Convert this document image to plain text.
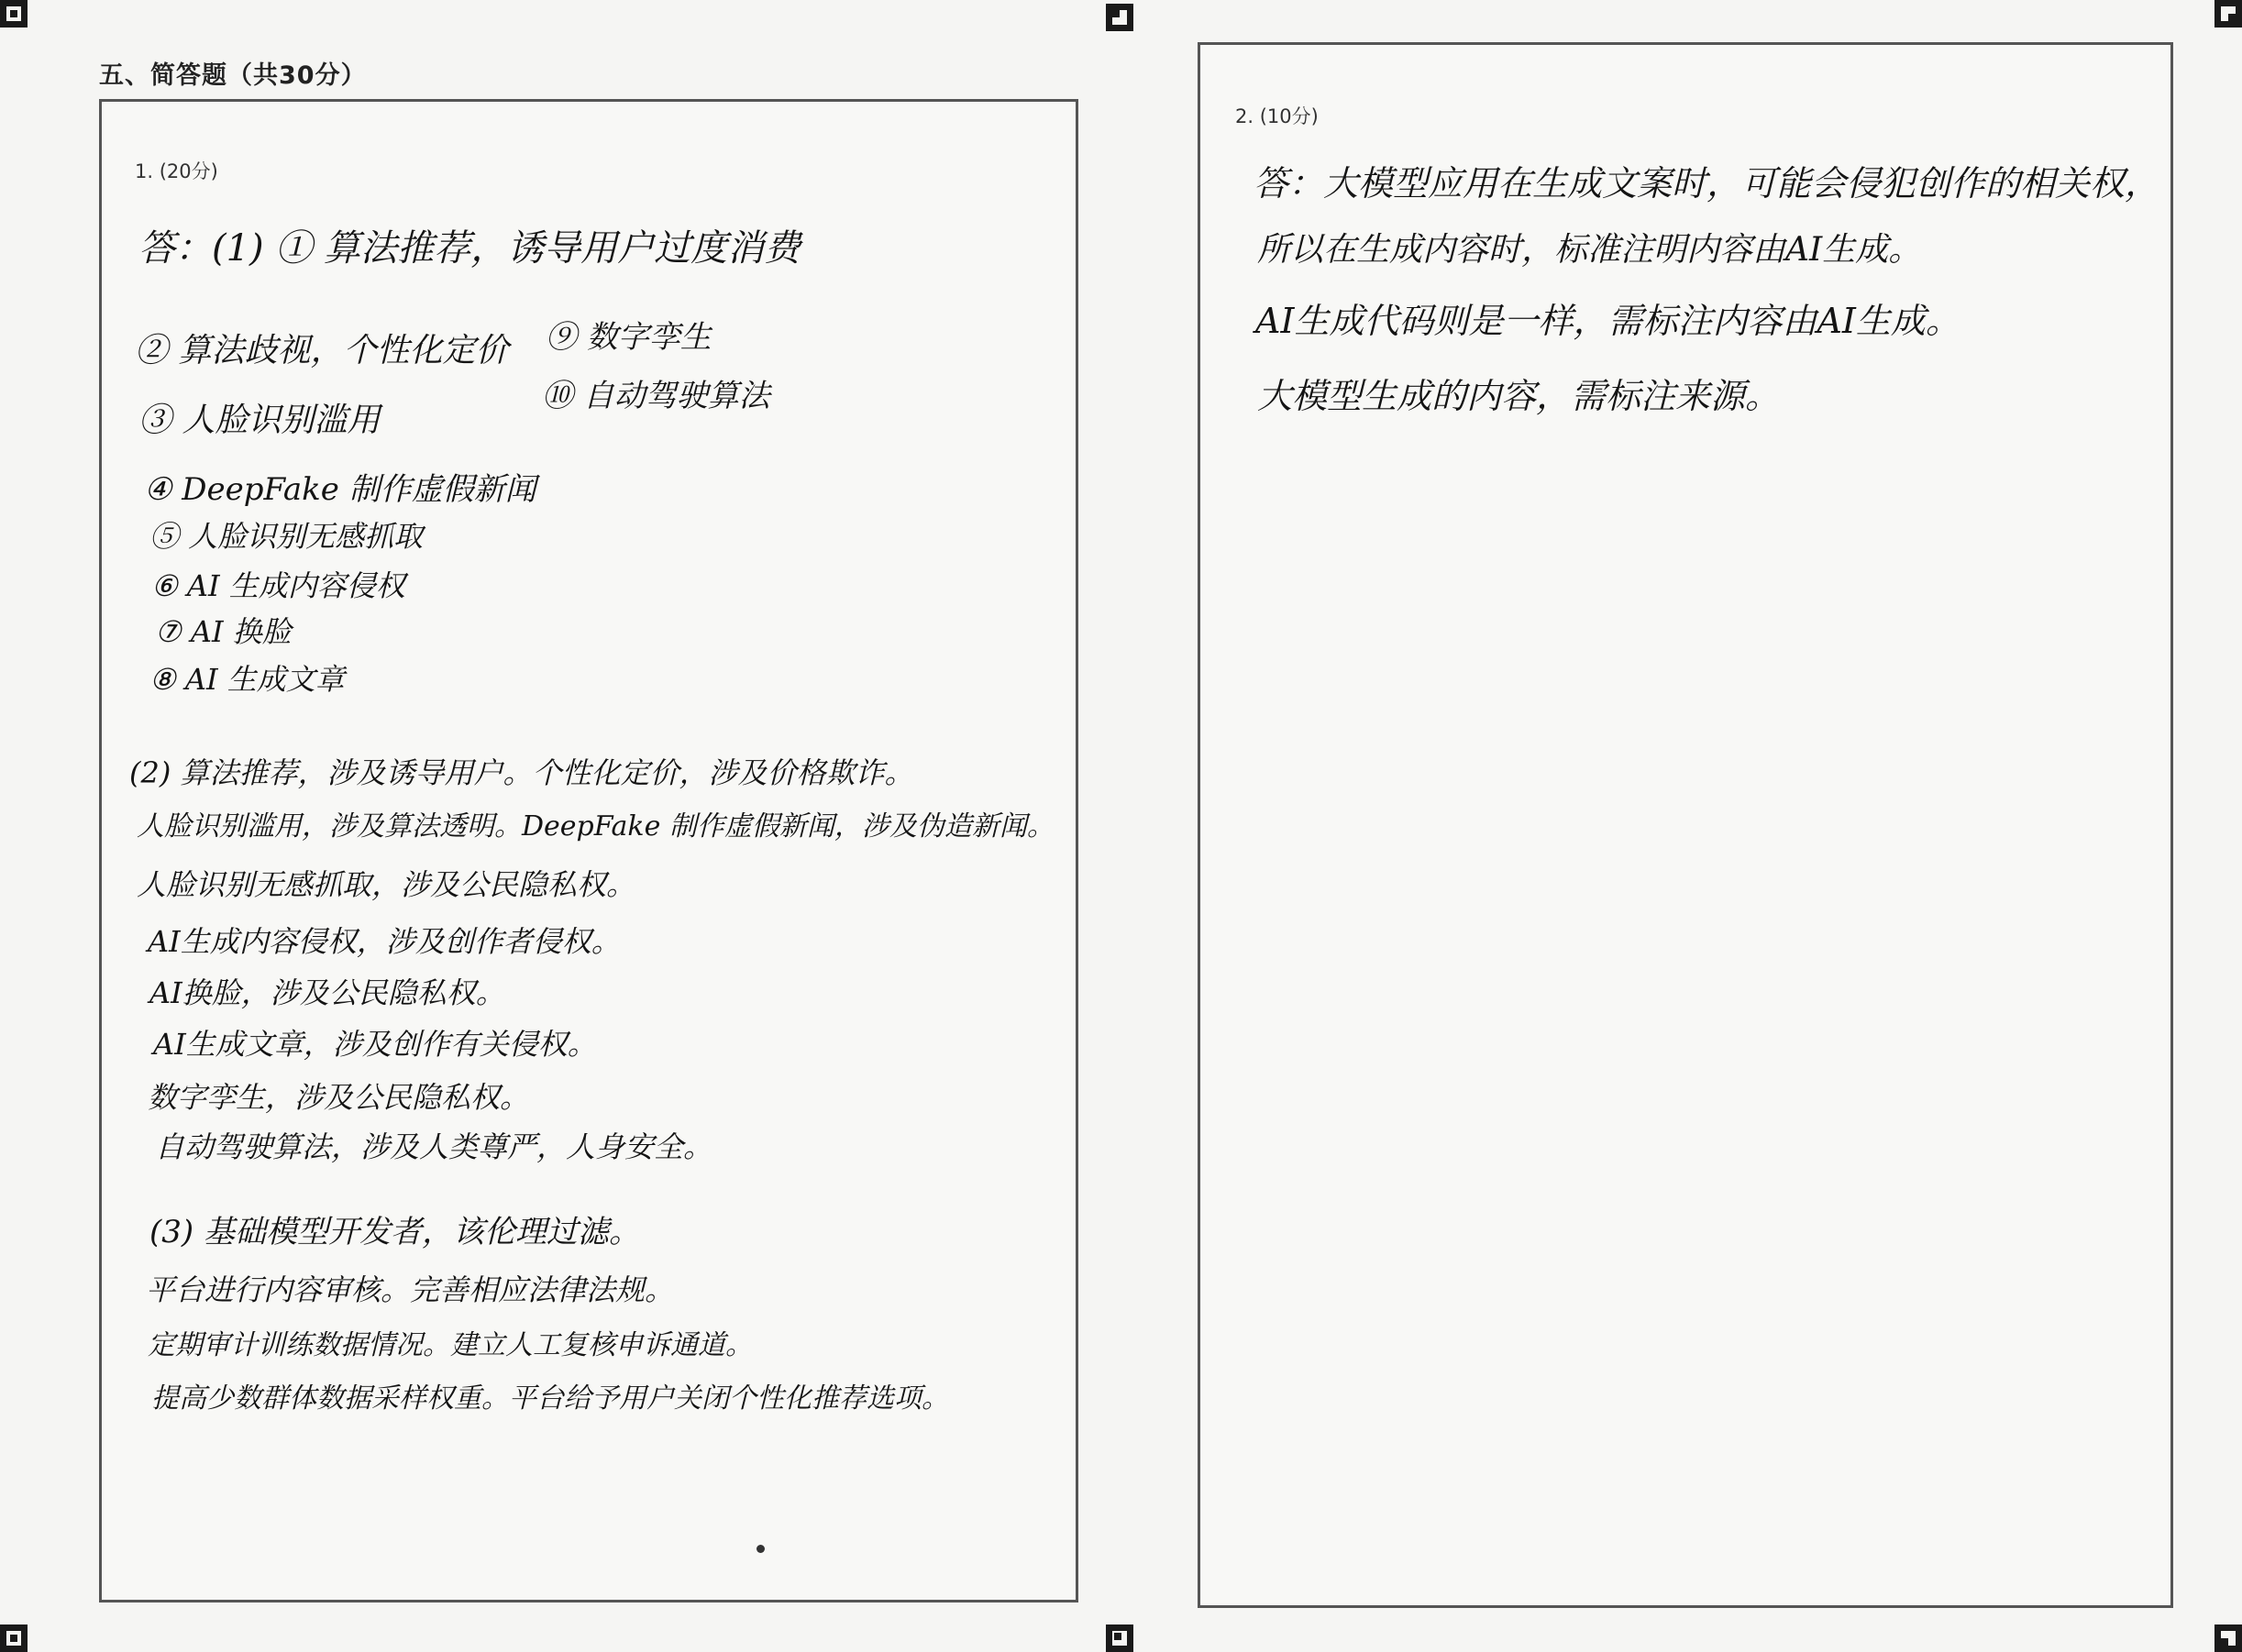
五、简答题（共30分）
1. (20分)
答：(1) ① 算法推荐，诱导用户过度消费
② 算法歧视，个性化定价
③ 人脸识别滥用
④ DeepFake 制作虚假新闻
⑤ 人脸识别无感抓取
⑥ AI 生成内容侵权
⑦ AI 换脸
⑧ AI 生成文章
⑨ 数字孪生
⑩ 自动驾驶算法
(2) 算法推荐，涉及诱导用户。个性化定价，涉及价格欺诈。
人脸识别滥用，涉及算法透明。DeepFake 制作虚假新闻，涉及伪造新闻。
人脸识别无感抓取，涉及公民隐私权。
AI生成内容侵权，涉及创作者侵权。
AI换脸，涉及公民隐私权。
AI生成文章，涉及创作有关侵权。
数字孪生，涉及公民隐私权。
自动驾驶算法，涉及人类尊严，人身安全。
(3) 基础模型开发者，该伦理过滤。
平台进行内容审核。完善相应法律法规。
定期审计训练数据情况。建立人工复核申诉通道。
提高少数群体数据采样权重。平台给予用户关闭个性化推荐选项。
2. (10分)
答：大模型应用在生成文案时，可能会侵犯创作的相关权，
所以在生成内容时，标准注明内容由AI生成。
AI生成代码则是一样，需标注内容由AI生成。
大模型生成的内容，需标注来源。
